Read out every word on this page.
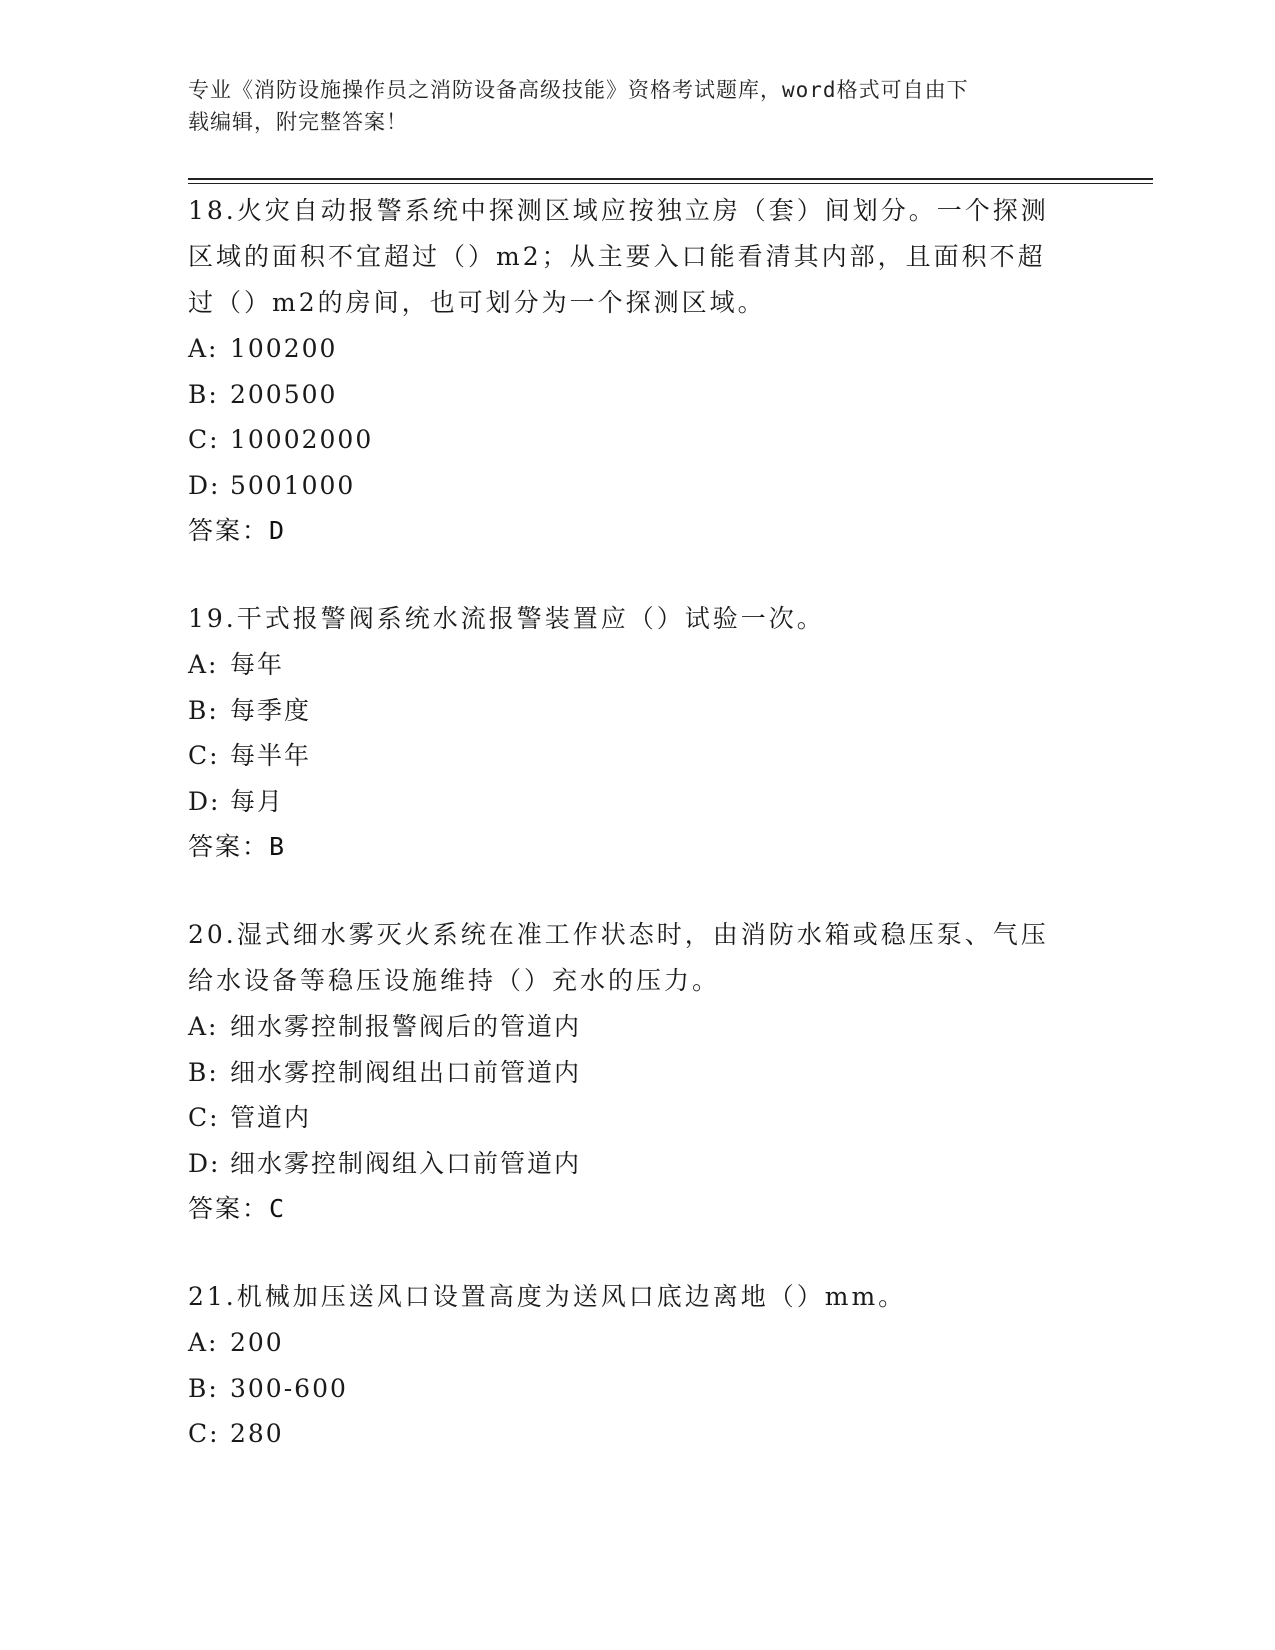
专业《消防设施操作员之消防设备高级技能》资格考试题库，word格式可自由下
载编辑，附完整答案！

18.火灾自动报警系统中探测区域应按独立房（套）间划分。一个探测

区域的面积不宜超过（）m2；从主要入口能看清其内部，且面积不超

过（）m2的房间，也可划分为一个探测区域。

A: 100200

B: 200500

C: 10002000

D: 5001000

答案：D

19.干式报警阀系统水流报警装置应（）试验一次。

A: 每年

B: 每季度

C: 每半年

D: 每月

答案：B

20.湿式细水雾灭火系统在准工作状态时，由消防水箱或稳压泵、气压

给水设备等稳压设施维持（）充水的压力。

A: 细水雾控制报警阀后的管道内

B: 细水雾控制阀组出口前管道内

C: 管道内

D: 细水雾控制阀组入口前管道内

答案：C

21.机械加压送风口设置高度为送风口底边离地（）mm。

A: 200

B: 300-600

C: 280
